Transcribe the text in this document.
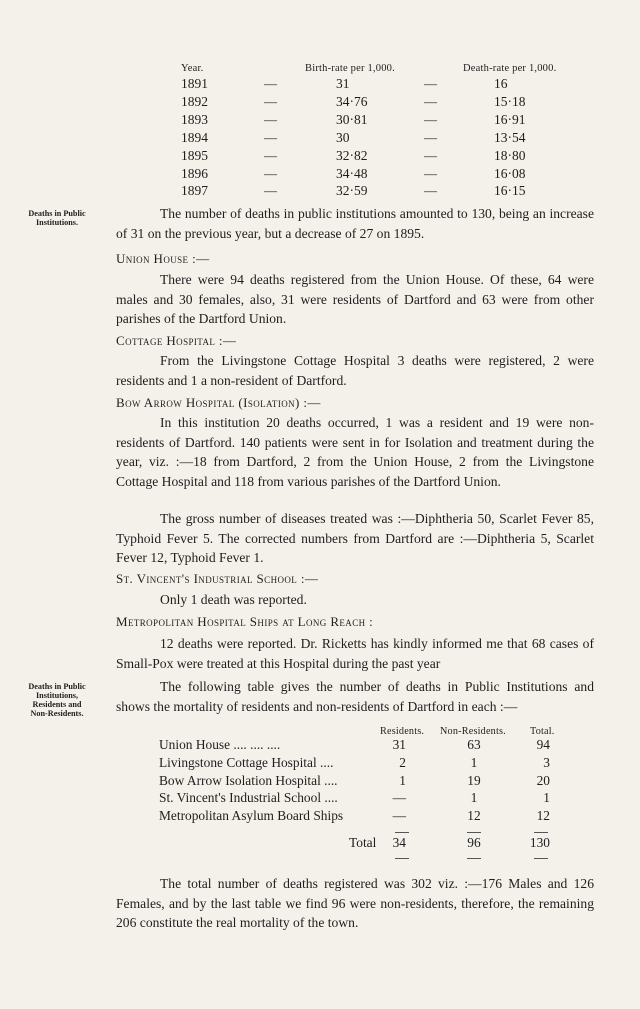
Year.	Birth-rate per 1,000.	Death-rate per 1,000.
1891	—	31	—	16
1892	—	34·76	—	15·18
1893	—	30·81	—	16·91
1894	—	30	—	13·54
1895	—	32·82	—	18·80
1896	—	34·48	—	16·08
1897	—	32·59	—	16·15
Deaths in Public
Institutions.
The number of deaths in public institutions amounted to 130, being an increase of 31 on the previous year, but a decrease of 27 on 1895.
Union House :—
There were 94 deaths registered from the Union House. Of these, 64 were males and 30 females, also, 31 were residents of Dartford and 63 were from other parishes of the Dartford Union.
Cottage Hospital :—
From the Livingstone Cottage Hospital 3 deaths were registered, 2 were residents and 1 a non-resident of Dartford.
Bow Arrow Hospital (Isolation) :—
In this institution 20 deaths occurred, 1 was a resident and 19 were non-residents of Dartford. 140 patients were sent in for Isolation and treatment during the year, viz. :—18 from Dartford, 2 from the Union House, 2 from the Livingstone Cottage Hospital and 118 from various parishes of the Dartford Union.
The gross number of diseases treated was :—Diphtheria 50, Scarlet Fever 85, Typhoid Fever 5. The corrected numbers from Dartford are :—Diphtheria 5, Scarlet Fever 12, Typhoid Fever 1.
St. Vincent's Industrial School :—
Only 1 death was reported.
Metropolitan Hospital Ships at Long Reach :
12 deaths were reported. Dr. Ricketts has kindly informed me that 68 cases of Small-Pox were treated at this Hospital during the past year
Deaths in Public
Institutions,
Residents and
Non-Residents.
The following table gives the number of deaths in Public Institutions and shows the mortality of residents and non-residents of Dartford in each :—
Residents. Non-Residents. Total.
Union House .... .... ....	31	63	94
Livingstone Cottage Hospital ....	2	1	3
Bow Arrow Isolation Hospital ....	1	19	20
St. Vincent's Industrial School ....	—	1	1
Metropolitan Asylum Board Ships	—	12	12
Total	34	96	130
The total number of deaths registered was 302 viz. :—176 Males and 126 Females, and by the last table we find 96 were non-residents, therefore, the remaining 206 constitute the real mortality of the town.
